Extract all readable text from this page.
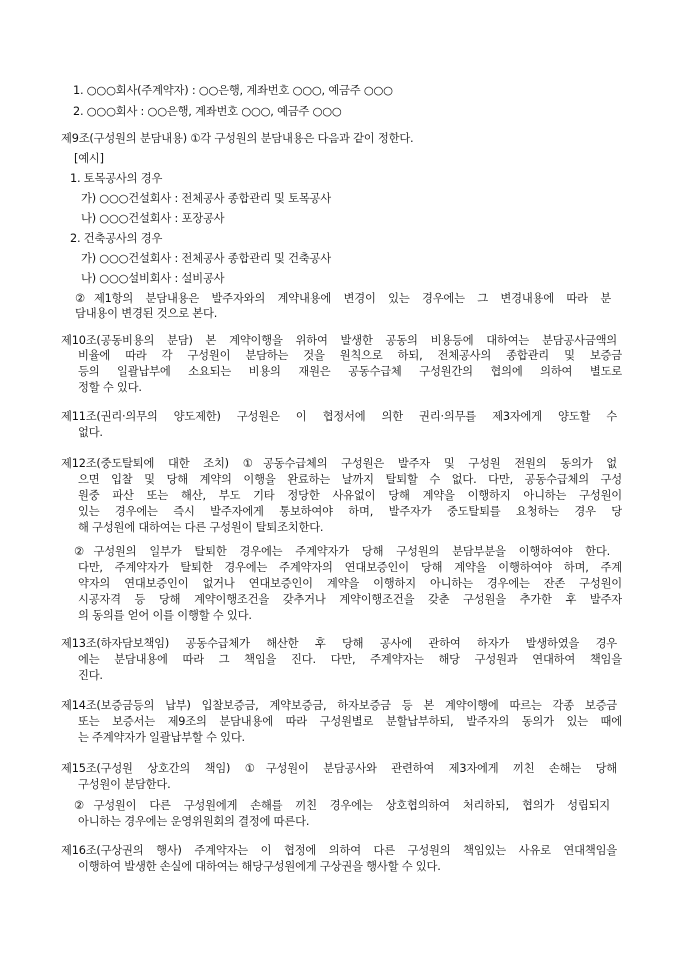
1. ○○○회사(주계약자) : ○○은행, 계좌번호 ○○○, 예금주 ○○○
2. ○○○회사 : ○○은행, 계좌번호 ○○○, 예금주 ○○○
제9조(구성원의 분담내용) ①각 구성원의 분담내용은 다음과 같이 정한다.
[예시]
1. 토목공사의 경우
가) ○○○건설회사 : 전체공사 종합관리 및 토목공사
나) ○○○건설회사 : 포장공사
2. 건축공사의 경우
가) ○○○건설회사 : 전체공사 종합관리 및 건축공사
나) ○○○설비회사 : 설비공사
②제1항의 분담내용은 발주자와의 계약내용에 변경이 있는 경우에는 그 변경내용에 따라 분
담내용이 변경된 것으로 본다.
제10조(공동비용의 분담) 본 계약이행을 위하여 발생한 공동의 비용등에 대하여는 분담공사금액의
비율에 따라 각 구성원이 분담하는 것을 원칙으로 하되, 전체공사의 종합관리 및 보증금
등의 일괄납부에 소요되는 비용의 재원은 공동수급체 구성원간의 협의에 의하여 별도로
정할 수 있다.
제11조(권리·의무의 양도제한) 구성원은 이 협정서에 의한 권리·의무를 제3자에게 양도할 수
없다.
제12조(중도탈퇴에 대한 조치) ①공동수급체의 구성원은 발주자 및 구성원 전원의 동의가 없
으면 입찰 및 당해 계약의 이행을 완료하는 날까지 탈퇴할 수 없다. 다만, 공동수급체의 구성
원중 파산 또는 해산, 부도 기타 정당한 사유없이 당해 계약을 이행하지 아니하는 구성원이
있는 경우에는 즉시 발주자에게 통보하여야 하며, 발주자가 중도탈퇴를 요청하는 경우 당
해 구성원에 대하여는 다른 구성원이 탈퇴조치한다.
②구성원의 일부가 탈퇴한 경우에는 주계약자가 당해 구성원의 분담부분을 이행하여야 한다.
다만, 주계약자가 탈퇴한 경우에는 주계약자의 연대보증인이 당해 계약을 이행하여야 하며, 주계
약자의 연대보증인이 없거나 연대보증인이 계약을 이행하지 아니하는 경우에는 잔존 구성원이
시공자격 등 당해 계약이행조건을 갖추거나 계약이행조건을 갖춘 구성원을 추가한 후 발주자
의 동의를 얻어 이를 이행할 수 있다.
제13조(하자담보책임) 공동수급체가 해산한 후 당해 공사에 관하여 하자가 발생하였을 경우
에는 분담내용에 따라 그 책임을 진다. 다만, 주계약자는 해당 구성원과 연대하여 책임을
진다.
제14조(보증금등의 납부) 입찰보증금, 계약보증금, 하자보증금 등 본 계약이행에 따르는 각종 보증금
또는 보증서는 제9조의 분담내용에 따라 구성원별로 분할납부하되, 발주자의 동의가 있는 때에
는 주계약자가 일괄납부할 수 있다.
제15조(구성원 상호간의 책임) ①구성원이 분담공사와 관련하여 제3자에게 끼친 손해는 당해
구성원이 분담한다.
②구성원이 다른 구성원에게 손해를 끼친 경우에는 상호협의하여 처리하되, 협의가 성립되지
아니하는 경우에는 운영위원회의 결정에 따른다.
제16조(구상권의 행사) 주계약자는 이 협정에 의하여 다른 구성원의 책임있는 사유로 연대책임을
이행하여 발생한 손실에 대하여는 해당구성원에게 구상권을 행사할 수 있다.
